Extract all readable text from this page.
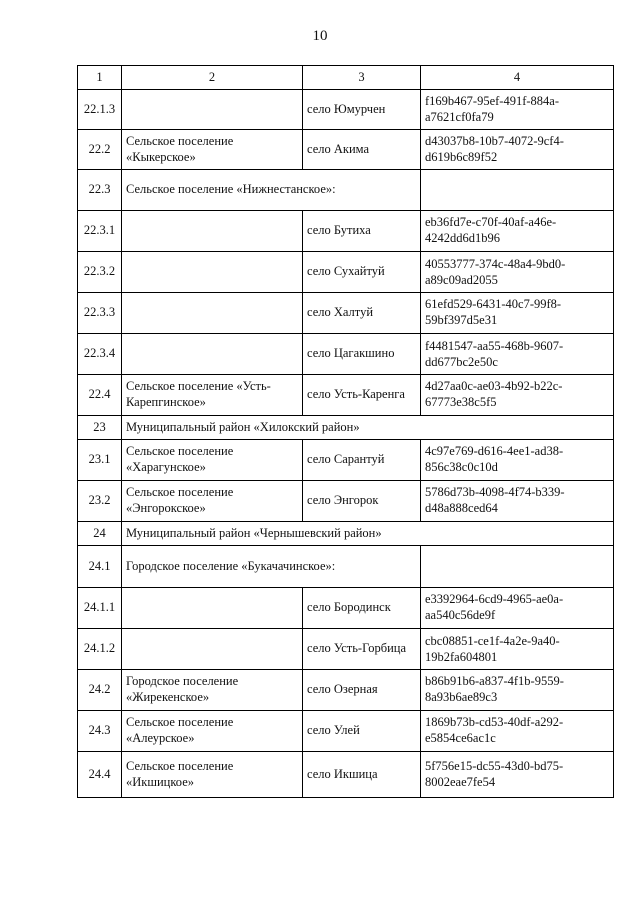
10
1	2	3	4
22.1.3		село Юмурчен	f169b467-95ef-491f-884a-a7621cf0fa79
22.2	Сельское поселение «Кыкерское»	село Акима	d43037b8-10b7-4072-9cf4-d619b6c89f52
22.3	Сельское поселение «Нижнестанское»:		
22.3.1		село Бутиха	eb36fd7e-c70f-40af-a46e-4242dd6d1b96
22.3.2		село Сухайтуй	40553777-374c-48a4-9bd0-a89c09ad2055
22.3.3		село Халтуй	61efd529-6431-40c7-99f8-59bf397d5e31
22.3.4		село Цагакшино	f4481547-aa55-468b-9607-dd677bc2e50c
22.4	Сельское поселение «Усть-Карепгинское»	село Усть-Каренга	4d27aa0c-ae03-4b92-b22c-67773e38c5f5
23	Муниципальный район «Хилокский район»		
23.1	Сельское поселение «Харагунское»	село Сарантуй	4c97e769-d616-4ee1-ad38-856c38c0c10d
23.2	Сельское поселение «Энгорокское»	село Энгорок	5786d73b-4098-4f74-b339-d48a888ced64
24	Муниципальный район «Чернышевский район»		
24.1	Городское поселение «Букачачинское»:		
24.1.1		село Бородинск	e3392964-6cd9-4965-ae0a-aa540c56de9f
24.1.2		село Усть-Горбица	cbc08851-ce1f-4a2e-9a40-19b2fa604801
24.2	Городское поселение «Жирекенское»	село Озерная	b86b91b6-a837-4f1b-9559-8a93b6ae89c3
24.3	Сельское поселение «Алеурское»	село Улей	1869b73b-cd53-40df-a292-e5854ce6ac1c
24.4	Сельское поселение «Икшицкое»	село Икшица	5f756e15-dc55-43d0-bd75-8002eae7fe54
